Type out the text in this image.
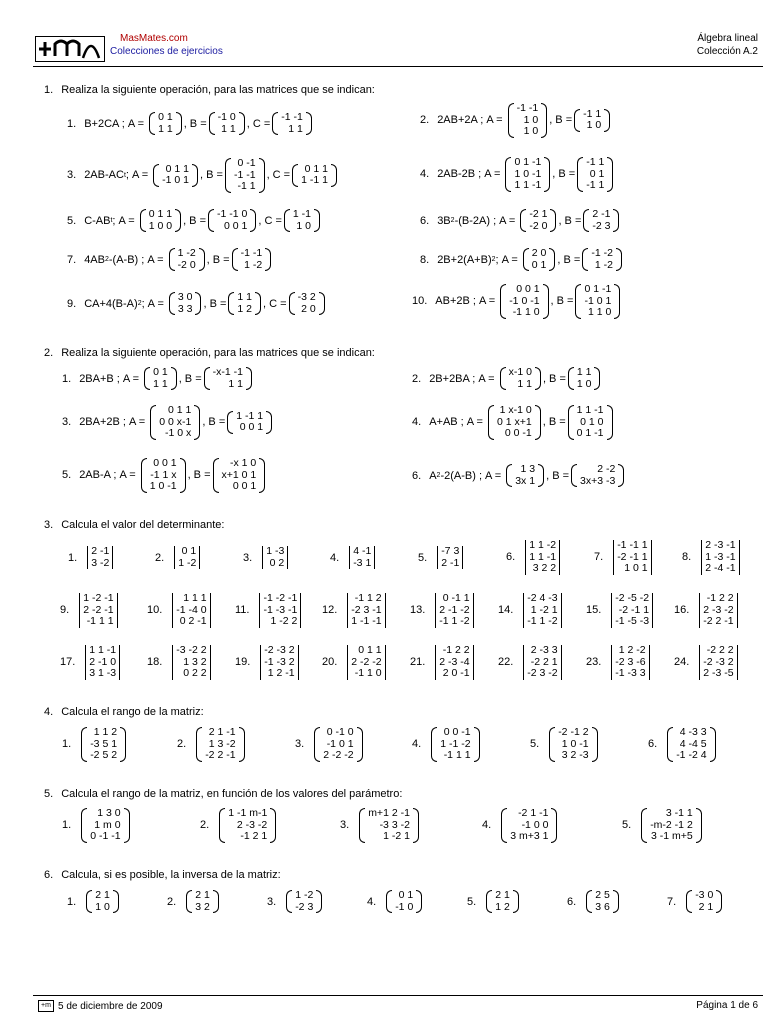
MasMates.com
Colecciones de ejercicios
Álgebra lineal
Colección A.2
1. Realiza la siguiente operación, para las matrices que se indican:
1. B+2CA ; A =
0 1
1 1 , B =
-1 0
1 1 , C =
-1 -1
1 1
2. 2AB+2A ; A =
-1 -1
1 0
1 0
, B =
-1 1
1 0
3. 2AB-AC t ; A =
0 1 1
-1 0 1 , B =
0 -1
-1 -1
-1 1
, C =
0 1 1
1 -1 1	4. 2AB-2B ; A =
0 1 -1
1 0 -1
1 1 -1
, B =
-1 1
0 1
-1 1
5. C-AB t ; A =
0 1 1
1 0 0 , B =
-1 -1 0
0 0 1 , C =
1 -1
1 0	6. 3B 2 -(B-2A) ; A =
-2 1
-2 0 , B =
2 -1
-2 3
7. 4AB 2 -(A-B) ; A =
1 -2
-2 0 , B =
-1 -1
1 -2	8. 2B+2(A+B) 2 ; A =
2 0
0 1 , B =
-1 -2
1 -2
9. CA+4(B-A) 2 ; A =
3 0
3 3 , B =
1 1
1 2 , C =
-3 2
2 0
10. AB+2B ; A =
0 0 1
-1 0 -1
-1 1 0
, B =
0 1 -1
-1 0 1
1 1 0
2. Realiza la siguiente operación, para las matrices que se indican:
1. 2BA+B ; A =
0 1
1 1 , B =
-x-1 -1
1 1	2. 2B+2BA ; A =
x-1 0
1 1 , B =
1 1
1 0
3. 2BA+2B ; A =
0 1 1
0 0 x-1
-1 0 x
, B =
1 -1 1
0 0 1	4. A+AB ; A =
1 x-1 0
0 1 x+1
0 0 -1
, B =
1 1 -1
0 1 0
0 1 -1
5. 2AB-A ; A =
0 0 1
-1 1 x
1 0 -1
, B =
-x 1 0
x+1 0 1
0 0 1
6. A 2 -2(A-B) ; A =
1 3
3x 1 , B =
2 -2
3x+3 -3
3. Calcula el valor del determinante:
1.
2 -1
3 -2	2.
0 1
1 -2	3.
1 -3
0 2	4.
4 -1
-3 1	5.
-7 3
2 -1	6.
1 1 -2
1 1 -1
3 2 2
7.
-1 -1 1
-2 -1 1
1 0 1
8.
2 -3 -1
1 -3 -1
2 -4 -1
9.
1 -2 -1
2 -2 -1
-1 1 1
10.
1 1 1
-1 -4 0
0 2 -1
11.
-1 -2 -1
-1 -3 -1
1 -2 2
12.
-1 1 2
-2 3 -1
1 -1 -1
13.
0 -1 1
2 -1 -2
-1 1 -2
14.
-2 4 -3
1 -2 1
-1 1 -2
15.
-2 -5 -2
-2 -1 1
-1 -5 -3
16.
-1 2 2
2 -3 -2
-2 2 -1
17.
1 1 -1
2 -1 0
3 1 -3
18.
-3 -2 2
1 3 2
0 2 2
19.
-2 -3 2
-1 -3 2
1 2 -1
20.
0 1 1
2 -2 -2
-1 1 0
21.
-1 2 2
2 -3 -4
2 0 -1
22.
2 -3 3
-2 2 1
-2 3 -2
23.
1 2 -2
-2 3 -6
-1 -3 3
24.
-2 2 2
-2 -3 2
2 -3 -5
4. Calcula el rango de la matriz:
1.
1 1 2
-3 5 1
-2 5 2
2.
2 1 -1
1 3 -2
-2 2 -1
3.
0 -1 0
-1 0 1
2 -2 -2
4.
0 0 -1
1 -1 -2
-1 1 1
5.
-2 -1 2
1 0 -1
3 2 -3
6.
4 -3 3
4 -4 5
-1 -2 4
5. Calcula el rango de la matriz, en función de los valores del parámetro:
1.
1 3 0
1 m 0
0 -1 -1
2.
1 -1 m-1
2 -3 -2
-1 2 1
3.
m+1 2 -1
-3 3 -2
1 -2 1
4.
-2 1 -1
-1 0 0
3 m+3 1
5.
3 -1 1
-m-2 -1 2
3 -1 m+5
6. Calcula, si es posible, la inversa de la matriz:
1.
2 1
1 0	2.
2 1
3 2	3.
1 -2
-2 3	4.
0 1
-1 0	5.
2 1
1 2	6.
2 5
3 6	7.
-3 0
2 1
+m 5 de diciembre de 2009	Página 1 de 6
